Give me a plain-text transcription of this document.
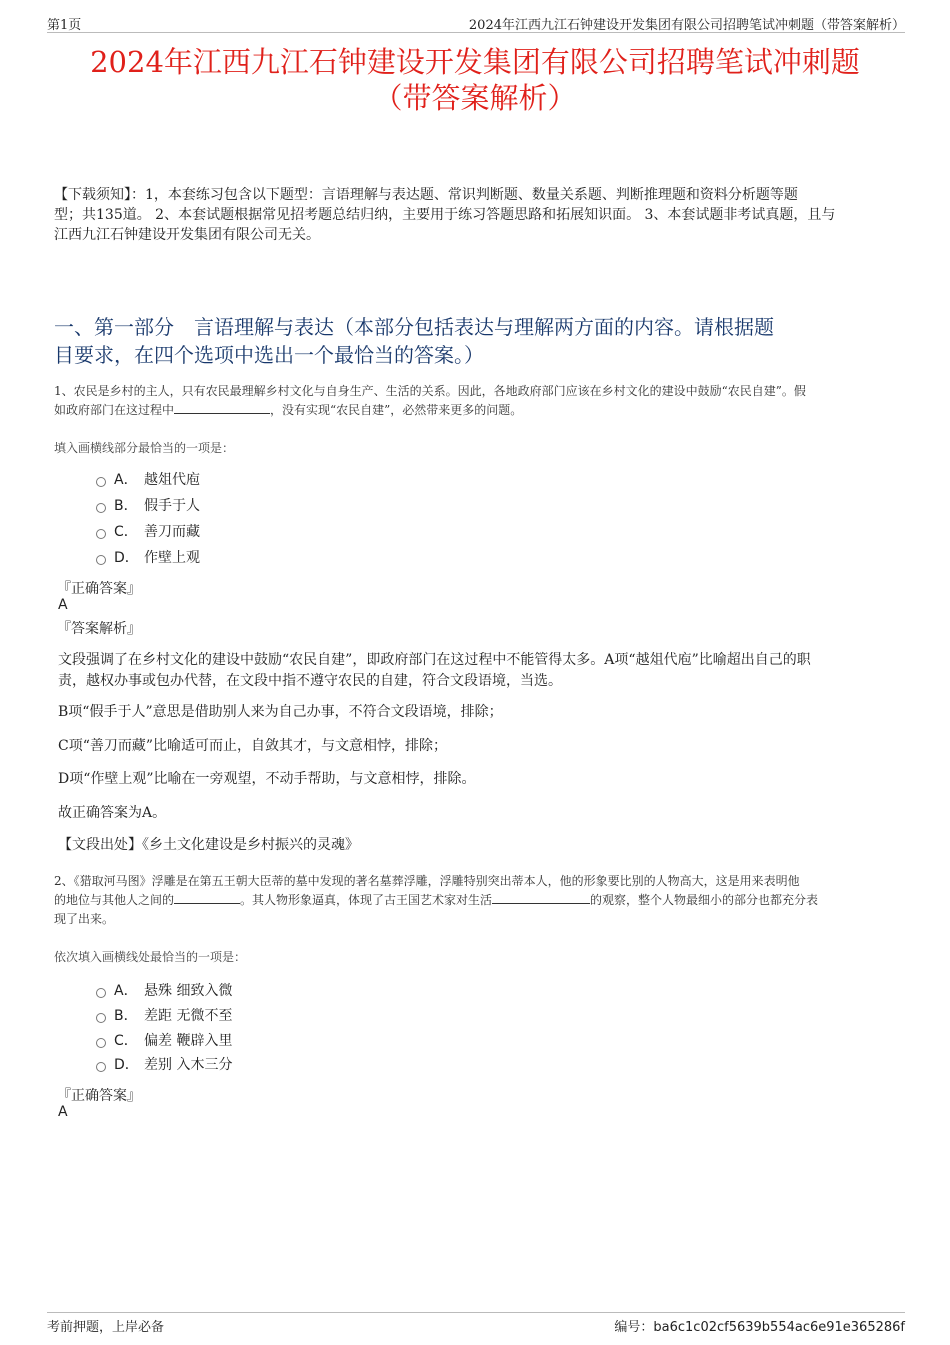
第1页	2024年江西九江石钟建设开发集团有限公司招聘笔试冲刺题（带答案解析）
2024年江西九江石钟建设开发集团有限公司招聘笔试冲刺题
（带答案解析）
【下载须知】：1，本套练习包含以下题型：言语理解与表达题、常识判断题、数量关系题、判断推理题和资料分析题等题
型；共135道。 2、本套试题根据常见招考题总结归纳，主要用于练习答题思路和拓展知识面。 3、本套试题非考试真题，且与
江西九江石钟建设开发集团有限公司无关。
一、第一部分　言语理解与表达（本部分包括表达与理解两方面的内容。请根据题
目要求，在四个选项中选出一个最恰当的答案。）
1、农民是乡村的主人，只有农民最理解乡村文化与自身生产、生活的关系。因此，各地政府部门应该在乡村文化的建设中鼓励“农民自建”。假
如政府部门在这过程中	，没有实现“农民自建”，必然带来更多的问题。
填入画横线部分最恰当的一项是：
A． 越俎代庖
B． 假手于人
C． 善刀而藏
D． 作壁上观
『正确答案』
A
『答案解析』
文段强调了在乡村文化的建设中鼓励“农民自建”，即政府部门在这过程中不能管得太多。A项“越俎代庖”比喻超出自己的职
责，越权办事或包办代替，在文段中指不遵守农民的自建，符合文段语境，当选。
B项“假手于人”意思是借助别人来为自己办事，不符合文段语境，排除；
C项“善刀而藏”比喻适可而止，自敛其才，与文意相悖，排除；
D项“作壁上观”比喻在一旁观望，不动手帮助，与文意相悖，排除。
故正确答案为A。
【文段出处】《乡土文化建设是乡村振兴的灵魂》
2、《猎取河马图》浮雕是在第五王朝大臣蒂的墓中发现的著名墓葬浮雕，浮雕特别突出蒂本人，他的形象要比别的人物高大，这是用来表明他
的地位与其他人之间的	。其人物形象逼真，体现了古王国艺术家对生活	的观察，整个人物最细小的部分也都充分表
现了出来。
依次填入画横线处最恰当的一项是：
A． 悬殊 细致入微
B． 差距 无微不至
C． 偏差 鞭辟入里
D． 差别 入木三分
『正确答案』
A
考前押题，上岸必备	编号：ba6c1c02cf5639b554ac6e91e365286f
